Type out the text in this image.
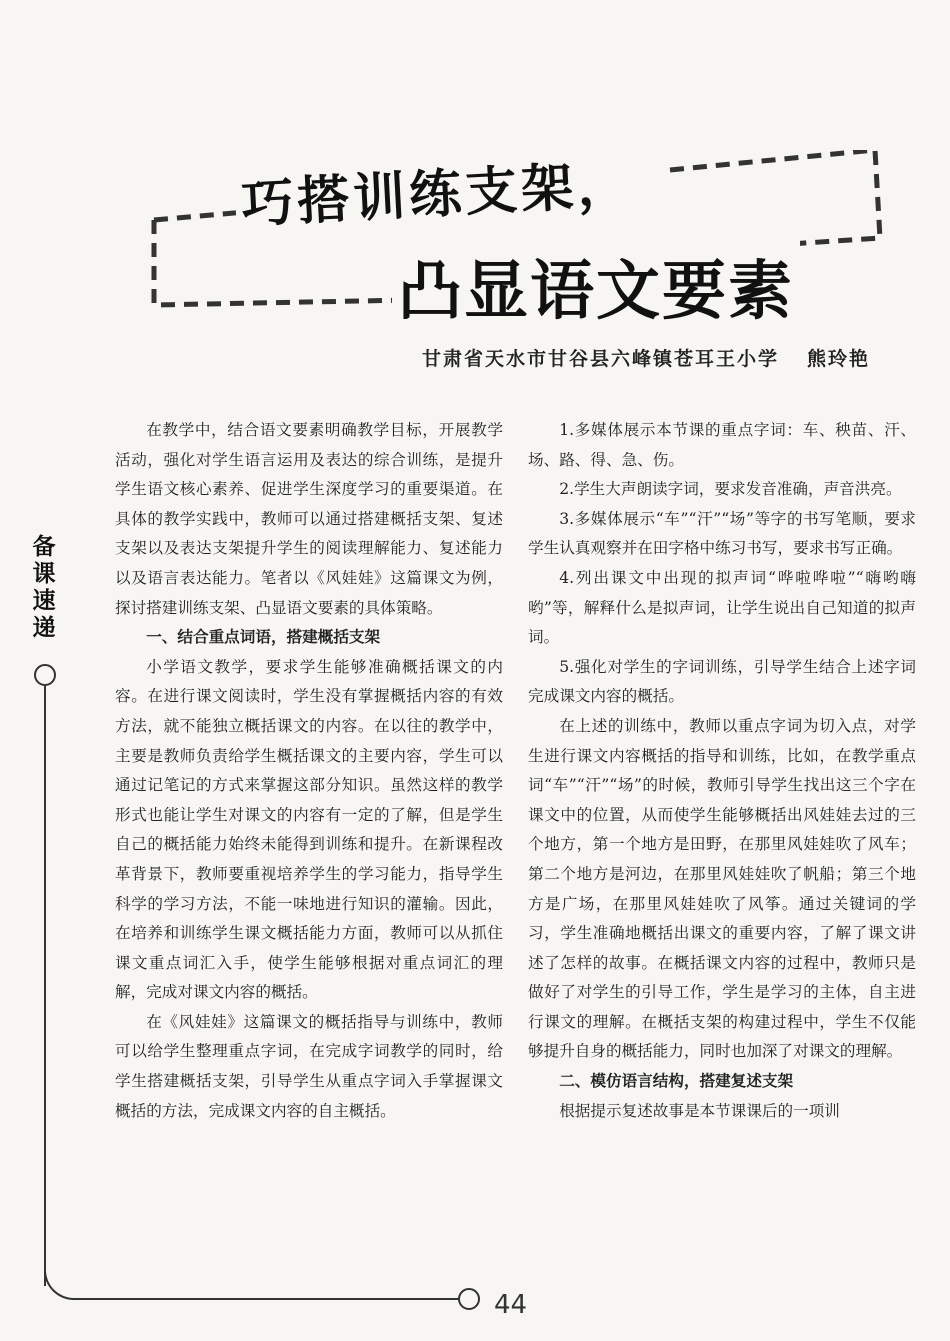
巧搭训练支架，
凸显语文要素
甘肃省天水市甘谷县六峰镇苍耳王小学 熊玲艳
备课速递
44

在教学中，结合语文要素明确教学目标，开展教学活动，强化对学生语言运用及表达的综合训练，是提升学生语文核心素养、促进学生深度学习的重要渠道。在具体的教学实践中，教师可以通过搭建概括支架、复述支架以及表达支架提升学生的阅读理解能力、复述能力以及语言表达能力。笔者以《风娃娃》这篇课文为例，探讨搭建训练支架、凸显语文要素的具体策略。

一、结合重点词语，搭建概括支架

小学语文教学，要求学生能够准确概括课文的内容。在进行课文阅读时，学生没有掌握概括内容的有效方法，就不能独立概括课文的内容。在以往的教学中，主要是教师负责给学生概括课文的主要内容，学生可以通过记笔记的方式来掌握这部分知识。虽然这样的教学形式也能让学生对课文的内容有一定的了解，但是学生自己的概括能力始终未能得到训练和提升。在新课程改革背景下，教师要重视培养学生的学习能力，指导学生科学的学习方法，不能一味地进行知识的灌输。因此，在培养和训练学生课文概括能力方面，教师可以从抓住课文重点词汇入手，使学生能够根据对重点词汇的理解，完成对课文内容的概括。

在《风娃娃》这篇课文的概括指导与训练中，教师可以给学生整理重点字词，在完成字词教学的同时，给学生搭建概括支架，引导学生从重点字词入手掌握课文概括的方法，完成课文内容的自主概括。

1.多媒体展示本节课的重点字词：车、秧苗、汗、场、路、得、急、伤。

2.学生大声朗读字词，要求发音准确，声音洪亮。

3.多媒体展示“车”“汗”“场”等字的书写笔顺，要求学生认真观察并在田字格中练习书写，要求书写正确。

4.列出课文中出现的拟声词“哗啦哗啦”“嗨哟嗨哟”等，解释什么是拟声词，让学生说出自己知道的拟声词。

5.强化对学生的字词训练，引导学生结合上述字词完成课文内容的概括。

在上述的训练中，教师以重点字词为切入点，对学生进行课文内容概括的指导和训练，比如，在教学重点词“车”“汗”“场”的时候，教师引导学生找出这三个字在课文中的位置，从而使学生能够概括出风娃娃去过的三个地方，第一个地方是田野，在那里风娃娃吹了风车；第二个地方是河边，在那里风娃娃吹了帆船；第三个地方是广场，在那里风娃娃吹了风筝。通过关键词的学习，学生准确地概括出课文的重要内容，了解了课文讲述了怎样的故事。在概括课文内容的过程中，教师只是做好了对学生的引导工作，学生是学习的主体，自主进行课文的理解。在概括支架的构建过程中，学生不仅能够提升自身的概括能力，同时也加深了对课文的理解。

二、模仿语言结构，搭建复述支架

根据提示复述故事是本节课课后的一项训
